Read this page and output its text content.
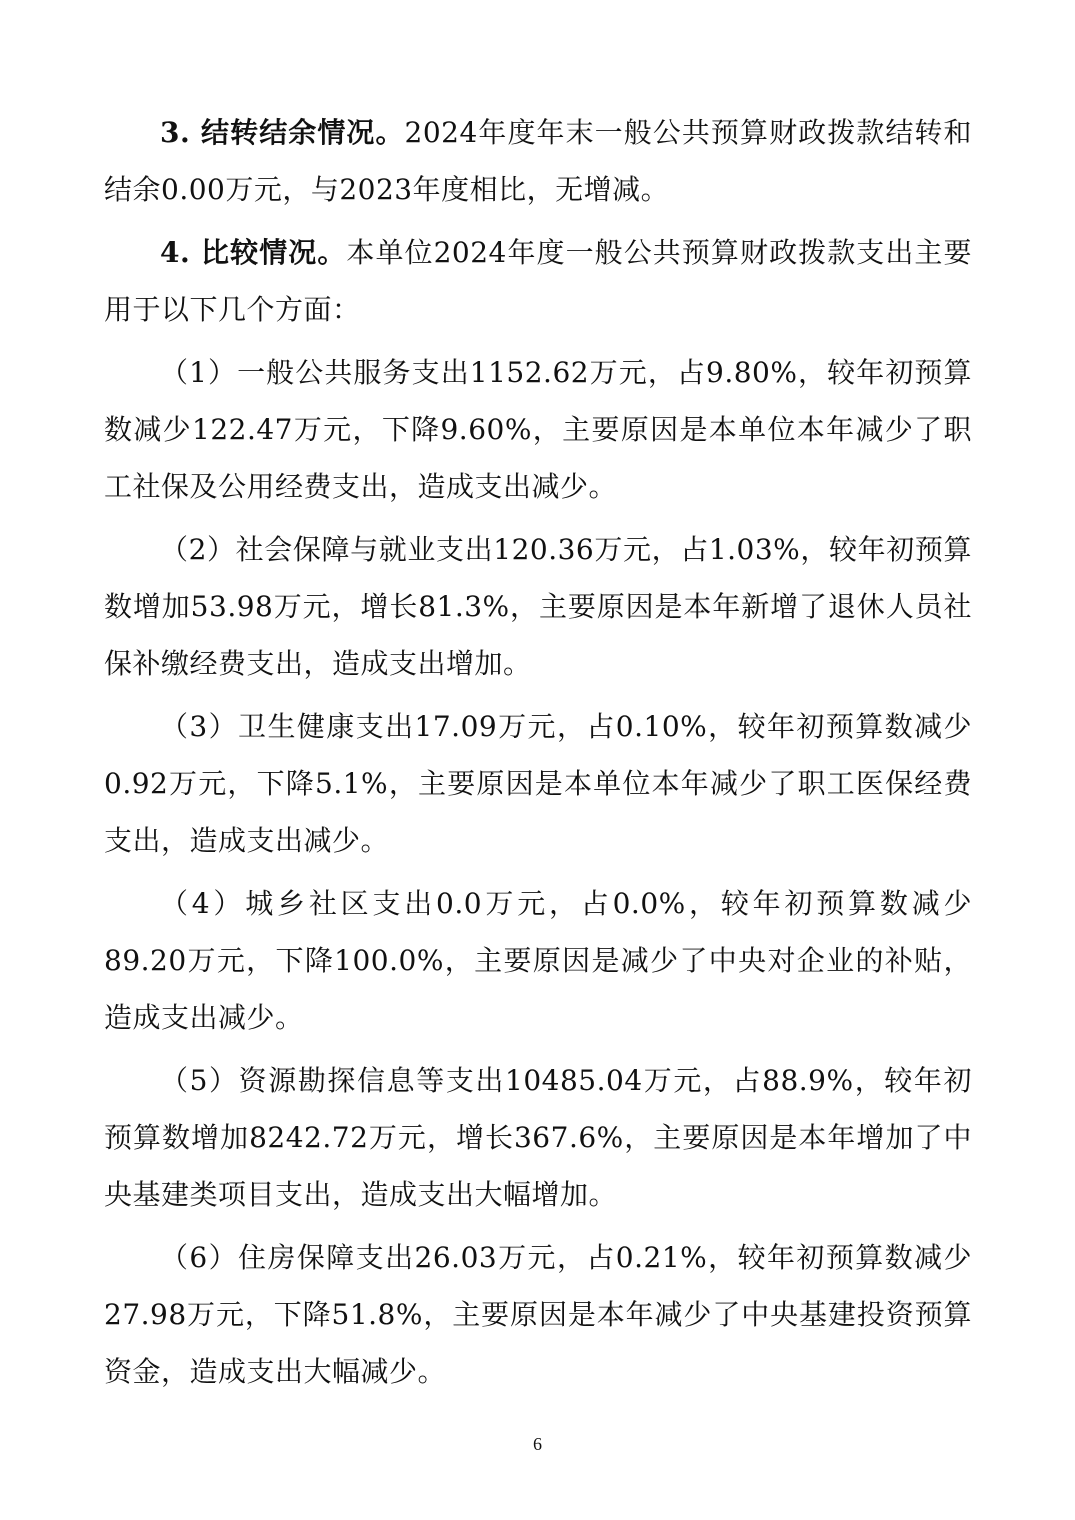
3. 结转结余情况。2024年度年末一般公共预算财政拨款结转和结余0.00万元，与2023年度相比，无增减。

4. 比较情况。本单位2024年度一般公共预算财政拨款支出主要用于以下几个方面：

（1）一般公共服务支出1152.62万元，占9.80%，较年初预算数减少122.47万元，下降9.60%，主要原因是本单位本年减少了职工社保及公用经费支出，造成支出减少。

（2）社会保障与就业支出120.36万元，占1.03%，较年初预算数增加53.98万元，增长81.3%，主要原因是本年新增了退休人员社保补缴经费支出，造成支出增加。

（3）卫生健康支出17.09万元，占0.10%，较年初预算数减少0.92万元，下降5.1%，主要原因是本单位本年减少了职工医保经费支出，造成支出减少。

（4）城乡社区支出0.0万元，占0.0%，较年初预算数减少89.20万元，下降100.0%，主要原因是减少了中央对企业的补贴，造成支出减少。

（5）资源勘探信息等支出10485.04万元，占88.9%，较年初预算数增加8242.72万元，增长367.6%，主要原因是本年增加了中央基建类项目支出，造成支出大幅增加。

（6）住房保障支出26.03万元，占0.21%，较年初预算数减少27.98万元，下降51.8%，主要原因是本年减少了中央基建投资预算资金，造成支出大幅减少。

6
